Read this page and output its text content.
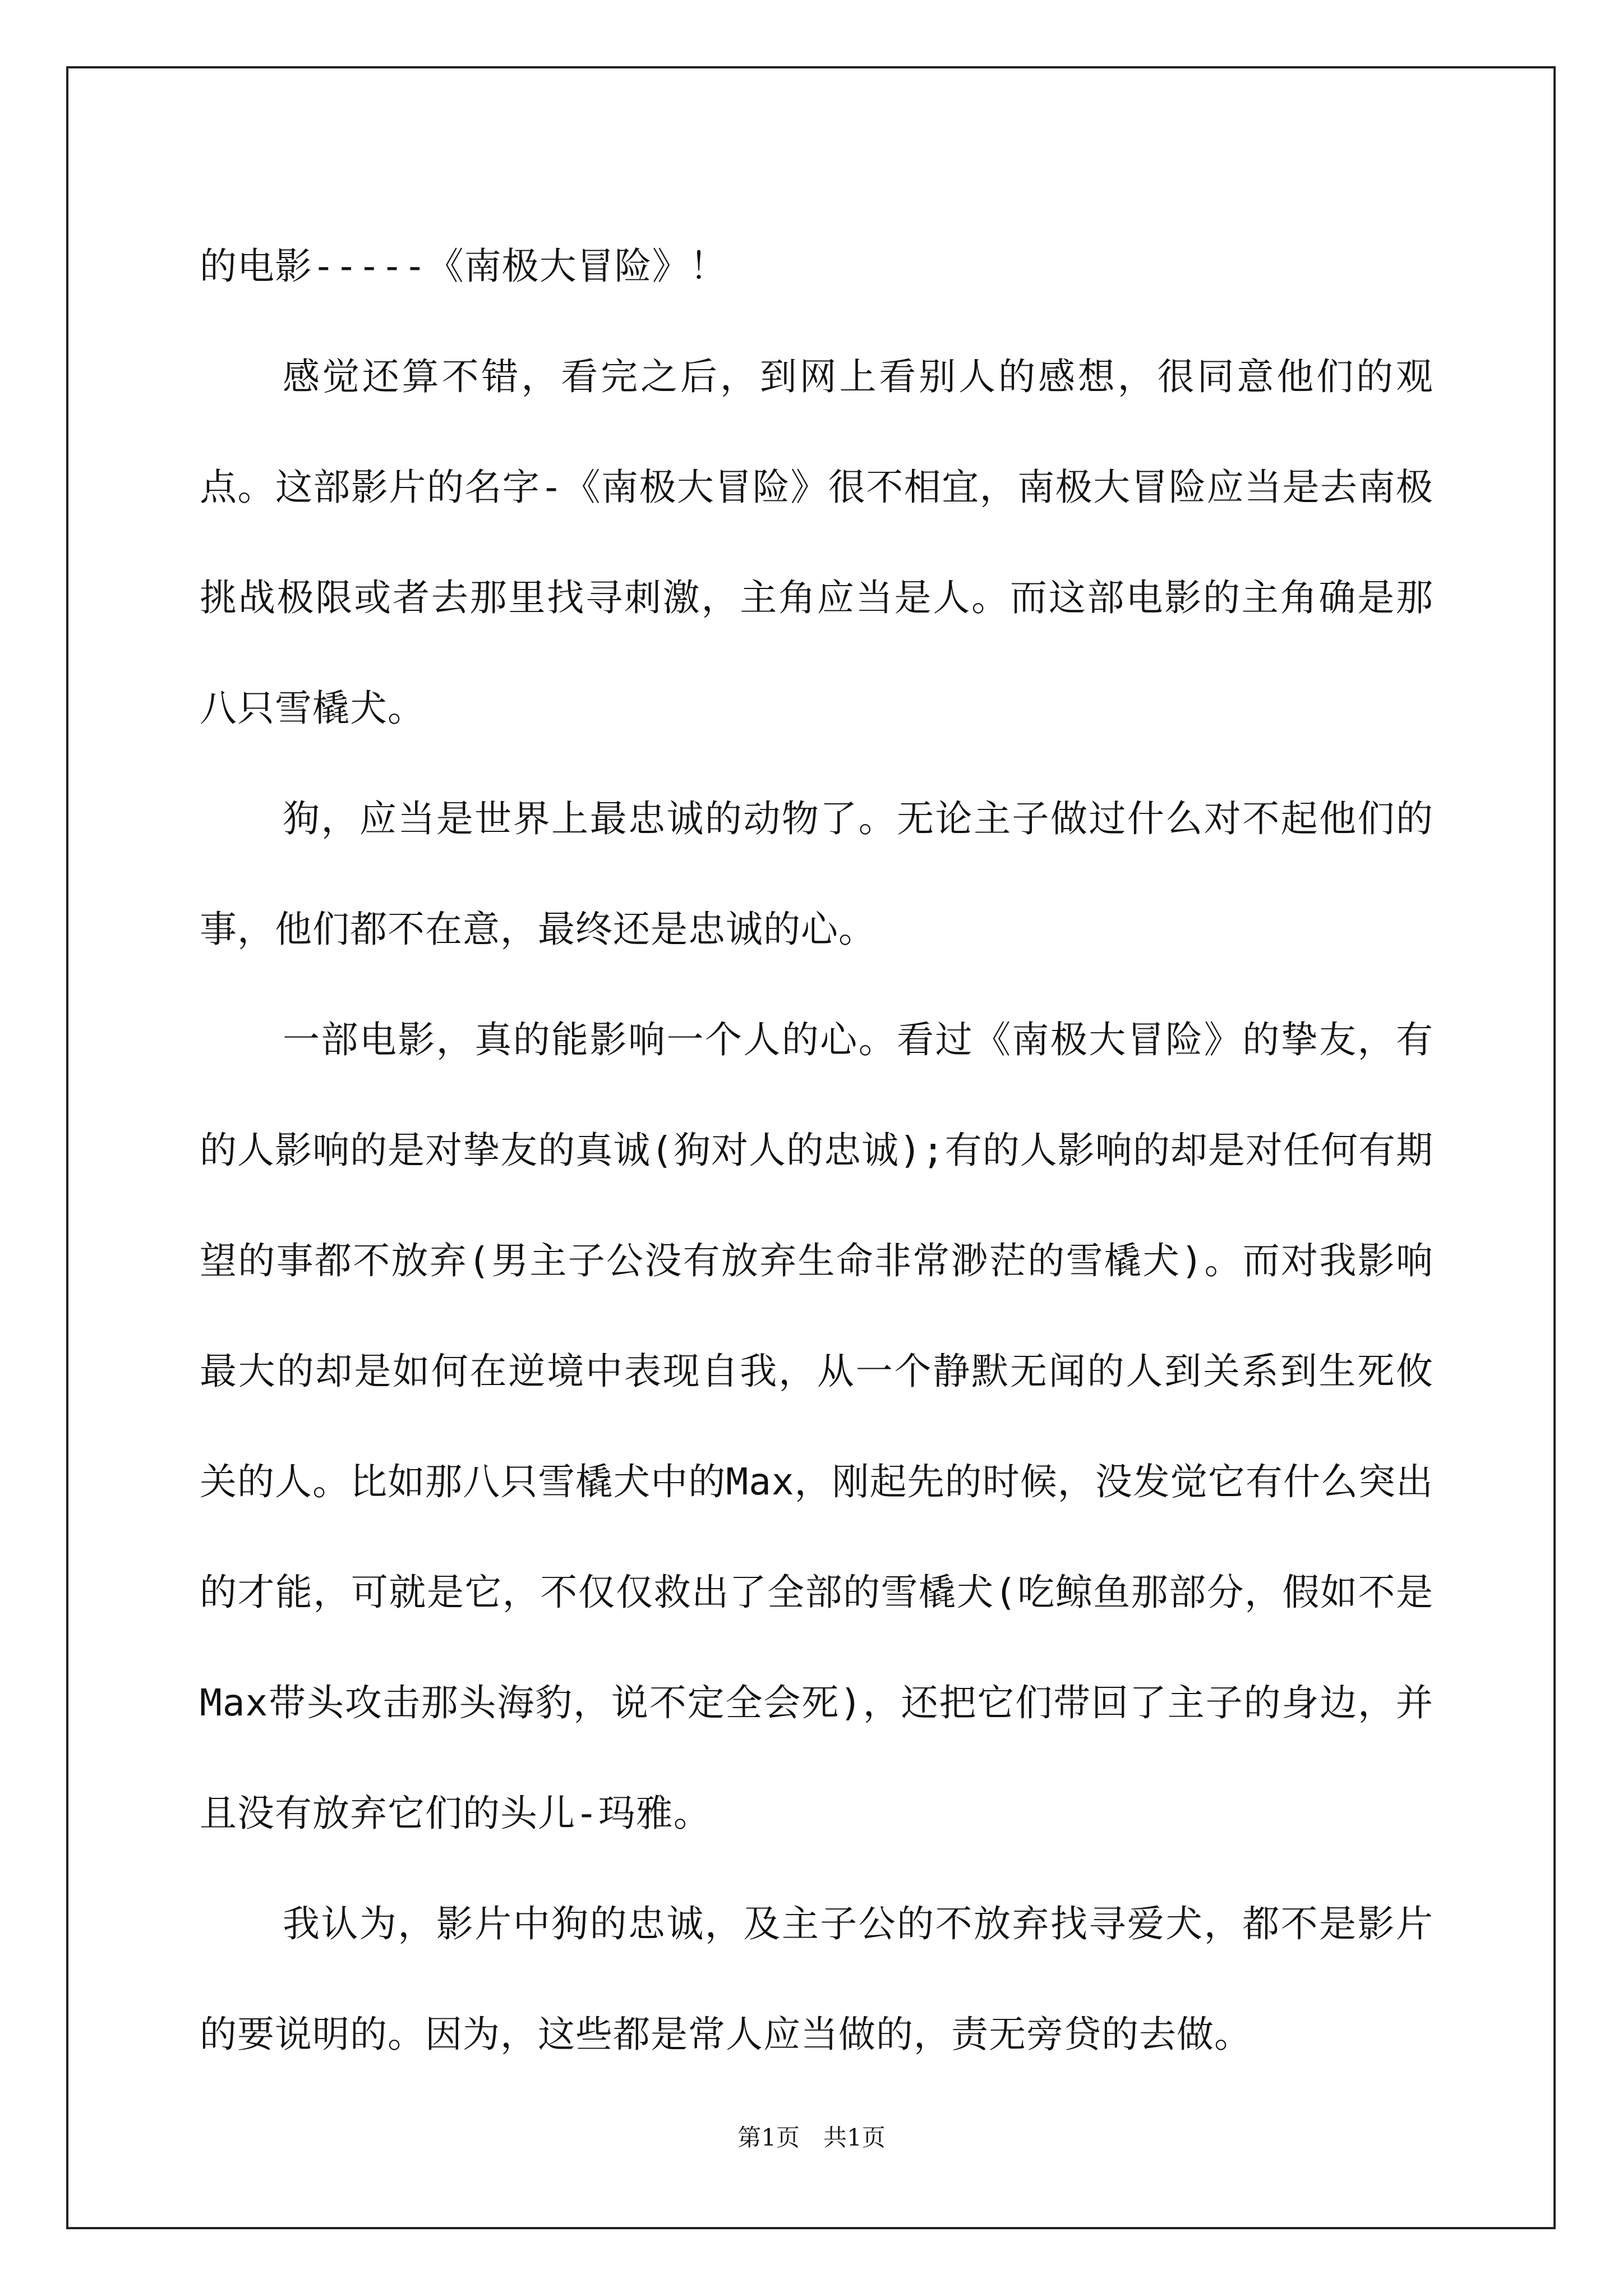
的电影-----《南极大冒险》！

感觉还算不错，看完之后，到网上看别人的感想，很同意他们的观点。这部影片的名字-《南极大冒险》很不相宜，南极大冒险应当是去南极挑战极限或者去那里找寻刺激，主角应当是人。而这部电影的主角确是那八只雪橇犬。

狗，应当是世界上最忠诚的动物了。无论主子做过什么对不起他们的事，他们都不在意，最终还是忠诚的心。

一部电影，真的能影响一个人的心。看过《南极大冒险》的挚友，有的人影响的是对挚友的真诚(狗对人的忠诚);有的人影响的却是对任何有期望的事都不放弃(男主子公没有放弃生命非常渺茫的雪橇犬)。而对我影响最大的却是如何在逆境中表现自我，从一个静默无闻的人到关系到生死攸关的人。比如那八只雪橇犬中的Max，刚起先的时候，没发觉它有什么突出的才能，可就是它，不仅仅救出了全部的雪橇犬(吃鲸鱼那部分，假如不是Max带头攻击那头海豹，说不定全会死)，还把它们带回了主子的身边，并且没有放弃它们的头儿-玛雅。

我认为，影片中狗的忠诚，及主子公的不放弃找寻爱犬，都不是影片的要说明的。因为，这些都是常人应当做的，责无旁贷的去做。

第1页　共1页
